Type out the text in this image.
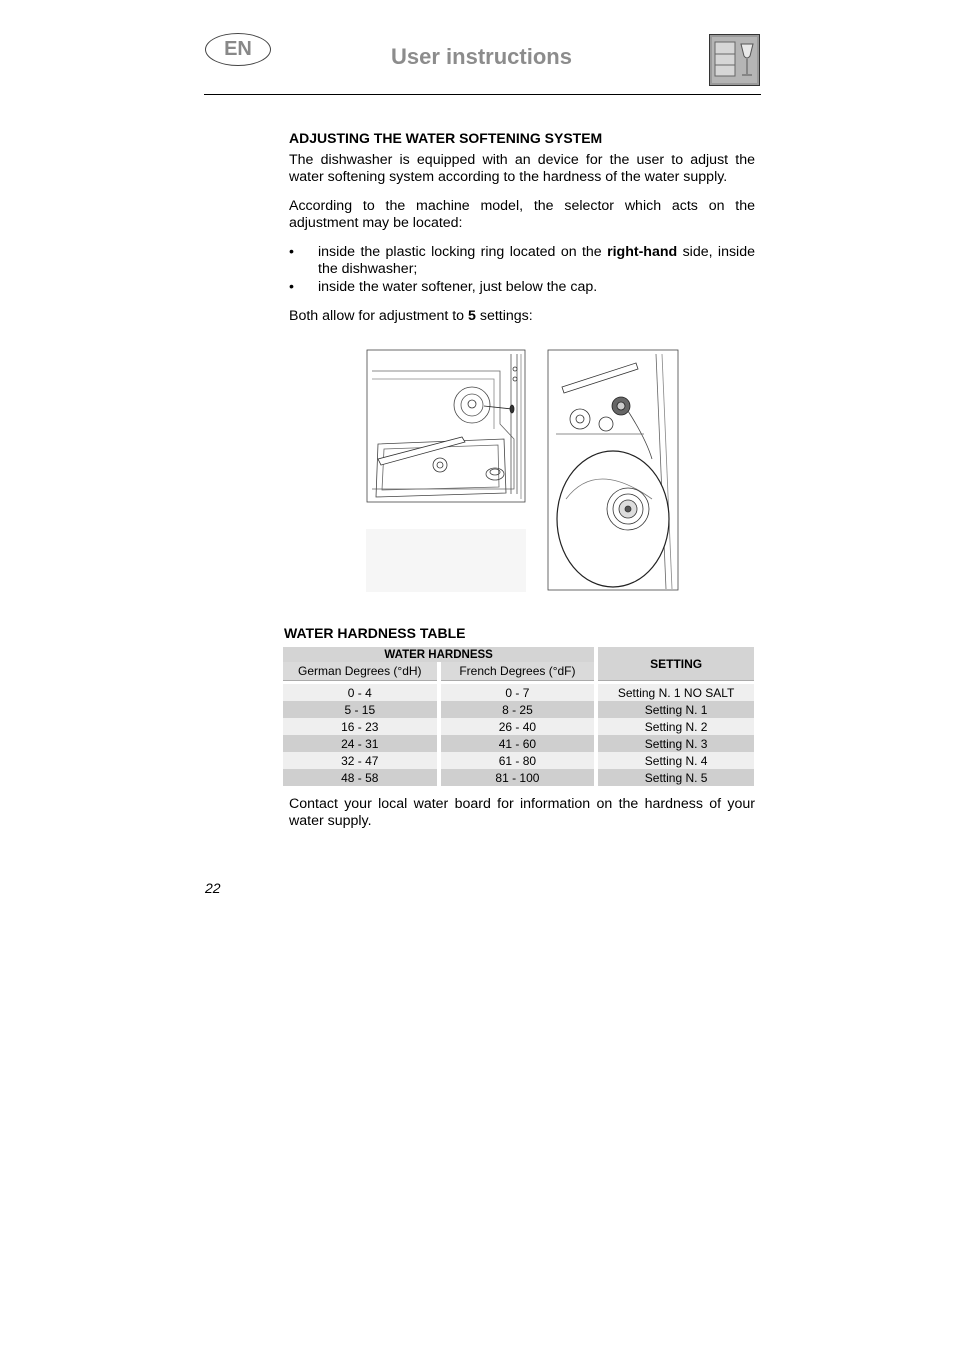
EN	User instructions
ADJUSTING THE WATER SOFTENING SYSTEM

The dishwasher is equipped with an device for the user to adjust the water softening system according to the hardness of the water supply.

According to the machine model, the selector which acts on the adjustment may be located:

• inside the plastic locking ring located on the right-hand side, inside the dishwasher;
• inside the water softener, just below the cap.

Both allow for adjustment to 5 settings:

WATER HARDNESS TABLE
WATER HARDNESS		SETTING
German Degrees (°dH)	French Degrees (°dF)	

0 - 4	0 - 7	Setting N. 1 NO SALT
5 - 15	8 - 25	Setting N. 1
16 - 23	26 - 40	Setting N. 2
24 - 31	41 - 60	Setting N. 3
32 - 47	61 - 80	Setting N. 4
48 - 58	81 - 100	Setting N. 5

Contact your local water board for information on the hardness of your water supply.

22
